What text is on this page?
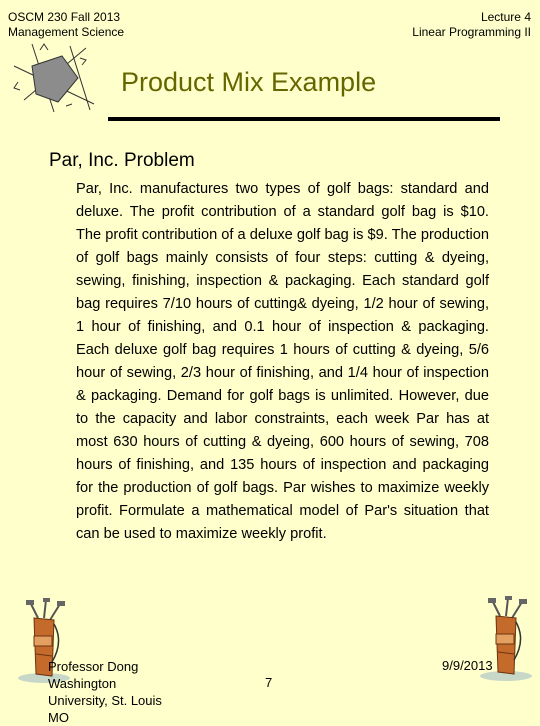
OSCM 230 Fall 2013
Management Science
Lecture 4
Linear Programming II
Product Mix Example
Par, Inc. Problem
Par, Inc. manufactures two types of golf bags: standard and deluxe. The profit contribution of a standard golf bag is $10. The profit contribution of a deluxe golf bag is $9. The production of golf bags mainly consists of four steps: cutting & dyeing, sewing, finishing, inspection & packaging. Each standard golf bag requires 7/10 hours of cutting& dyeing, 1/2 hour of sewing, 1 hour of finishing, and 0.1 hour of inspection & packaging. Each deluxe golf bag requires 1 hours of cutting & dyeing, 5/6 hour of sewing, 2/3 hour of finishing, and 1/4 hour of inspection & packaging. Demand for golf bags is unlimited. However, due to the capacity and labor constraints, each week Par has at most 630 hours of cutting & dyeing, 600 hours of sewing, 708 hours of finishing, and 135 hours of inspection and packaging for the production of golf bags. Par wishes to maximize weekly profit. Formulate a mathematical model of Par's situation that can be used to maximize weekly profit.
Professor Dong Washington University, St. Louis MO
7
9/9/2013
